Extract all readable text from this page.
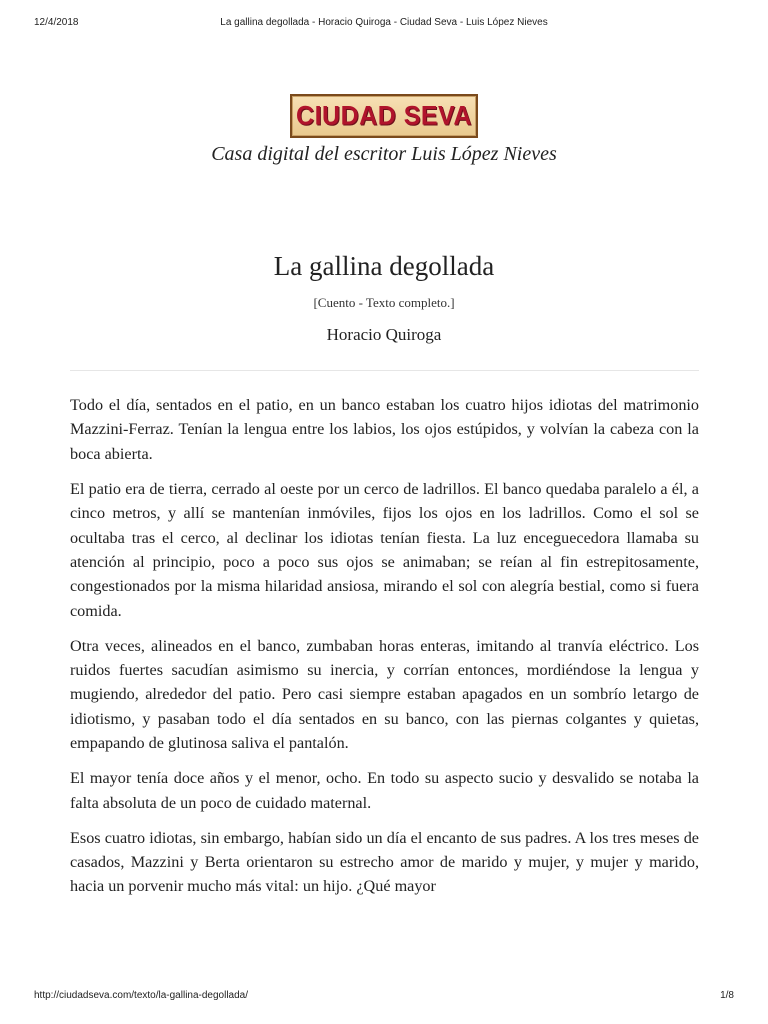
12/4/2018	La gallina degollada - Horacio Quiroga - Ciudad Seva - Luis López Nieves
CIUDAD SEVA
Casa digital del escritor Luis López Nieves
La gallina degollada
[Cuento - Texto completo.]
Horacio Quiroga

Todo el día, sentados en el patio, en un banco estaban los cuatro hijos idiotas del matrimonio Mazzini-Ferraz. Tenían la lengua entre los labios, los ojos estúpidos, y volvían la cabeza con la boca abierta.

El patio era de tierra, cerrado al oeste por un cerco de ladrillos. El banco quedaba paralelo a él, a cinco metros, y allí se mantenían inmóviles, fijos los ojos en los ladrillos. Como el sol se ocultaba tras el cerco, al declinar los idiotas tenían fiesta. La luz enceguecedora llamaba su atención al principio, poco a poco sus ojos se animaban; se reían al fin estrepitosamente, congestionados por la misma hilaridad ansiosa, mirando el sol con alegría bestial, como si fuera comida.

Otra veces, alineados en el banco, zumbaban horas enteras, imitando al tranvía eléctrico. Los ruidos fuertes sacudían asimismo su inercia, y corrían entonces, mordiéndose la lengua y mugiendo, alrededor del patio. Pero casi siempre estaban apagados en un sombrío letargo de idiotismo, y pasaban todo el día sentados en su banco, con las piernas colgantes y quietas, empapando de glutinosa saliva el pantalón.

El mayor tenía doce años y el menor, ocho. En todo su aspecto sucio y desvalido se notaba la falta absoluta de un poco de cuidado maternal.

Esos cuatro idiotas, sin embargo, habían sido un día el encanto de sus padres. A los tres meses de casados, Mazzini y Berta orientaron su estrecho amor de marido y mujer, y mujer y marido, hacia un porvenir mucho más vital: un hijo. ¿Qué mayor

http://ciudadseva.com/texto/la-gallina-degollada/	1/8
